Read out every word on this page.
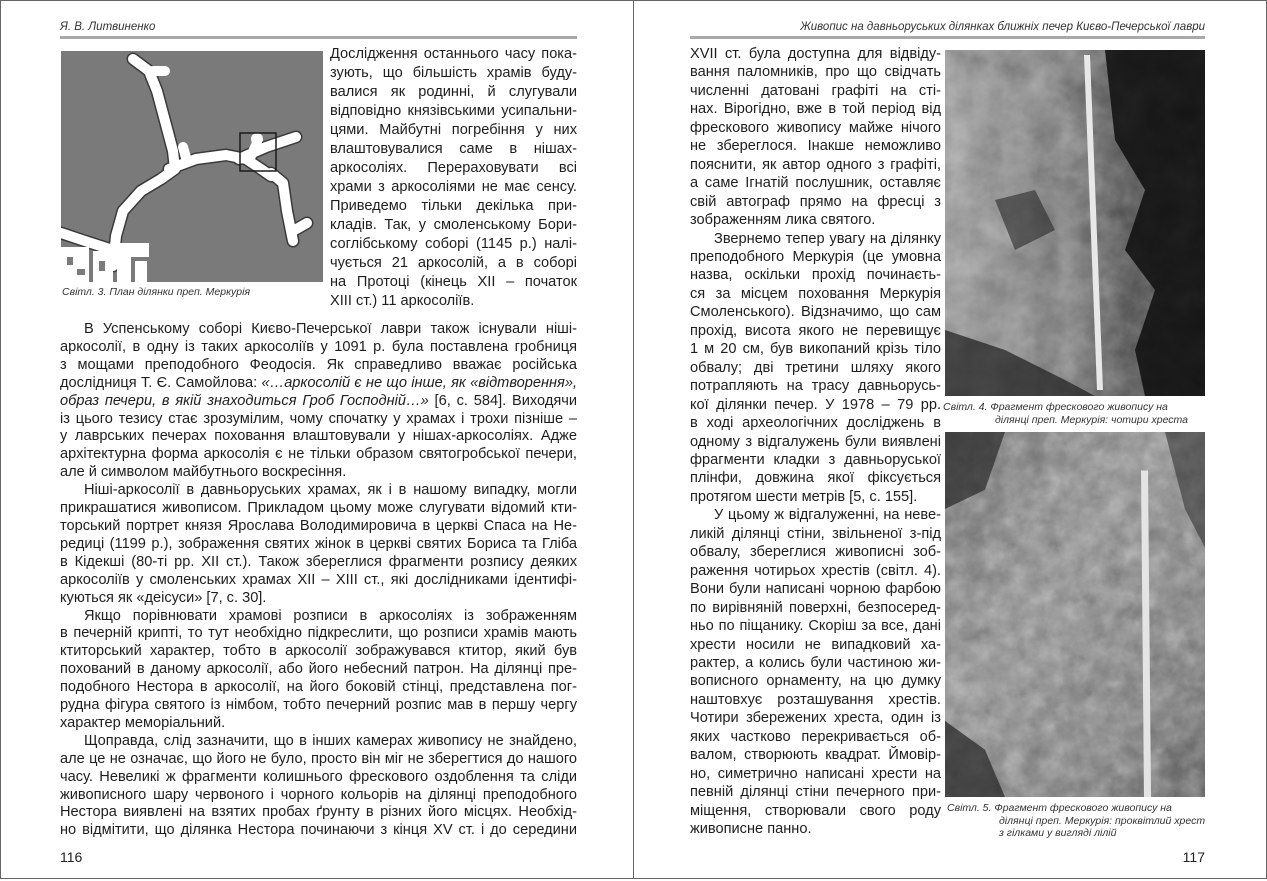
Я. В. Литвиненко	Живопис на давньоруських ділянках ближніх печер Києво-Печерської лаври
Світл. 3. План ділянки преп. Меркурія
Дослідження останнього часу пока-
зують, що більшість храмів буду-
валися як родинні, й слугували
відповідно князівськими усипальни-
цями. Майбутні погребіння у них
влаштовувалися саме в нішах-
аркосоліях. Перераховувати всі
храми з аркосоліями не має сенсу.
Приведемо тільки декілька при-
кладів. Так, у смоленському Бори-
соглібському соборі (1145 р.) налі-
чується 21 аркосолій, а в соборі
на Протоці (кінець XII – початок
XIII ст.) 11 аркосоліїв.
В Успенському соборі Києво-Печерської лаври також існували ніші-
аркосолії, в одну із таких аркосоліїв у 1091 р. була поставлена гробниця
з мощами преподобного Феодосія. Як справедливо вважає російська
дослідниця Т. Є. Самойлова: «…аркосолій є не що інше, як «відтворення»,
образ печери, в якій знаходиться Гроб Господній…» [6, с. 584]. Виходячи
із цього тезису стає зрозумілим, чому спочатку у храмах і трохи пізніше –
у лаврських печерах поховання влаштовували у нішах-аркосоліях. Адже
архітектурна форма аркосолія є не тільки образом святогробської печери,
але й символом майбутнього воскресіння.
Ніші-аркосолії в давньоруських храмах, як і в нашому випадку, могли
прикрашатися живописом. Прикладом цьому може слугувати відомий кти-
торський портрет князя Ярослава Володимировича в церкві Спаса на Не-
редиці (1199 р.), зображення святих жінок в церкві святих Бориса та Гліба
в Кідекші (80-ті рр. XII ст.). Також збереглися фрагменти розпису деяких
аркосоліїв у смоленських храмах XII – XIII ст., які дослідниками ідентифі-
куються як «деісуси» [7, с. 30].
Якщо порівнювати храмові розписи в аркосоліях із зображенням
в печерній крипті, то тут необхідно підкреслити, що розписи храмів мають
ктиторський характер, тобто в аркосолії зображувався ктитор, який був
похований в даному аркосолії, або його небесний патрон. На ділянці пре-
подобного Нестора в аркосолії, на його боковій стінці, представлена пог-
рудна фігура святого із німбом, тобто печерний розпис мав в першу чергу
характер меморіальний.
Щоправда, слід зазначити, що в інших камерах живопису не знайдено,
але це не означає, що його не було, просто він міг не зберегтися до нашого
часу. Невеликі ж фрагменти колишнього фрескового оздоблення та сліди
живописного шару червоного і чорного кольорів на ділянці преподобного
Нестора виявлені на взятих пробах ґрунту в різних його місцях. Необхід-
но відмітити, що ділянка Нестора починаючи з кінця XV ст. і до середини
XVII ст. була доступна для відвіду-
вання паломників, про що свідчать
численні датовані графіті на сті-
нах. Вірогідно, вже в той період від
фрескового живопису майже нічого
не збереглося. Інакше неможливо
пояснити, як автор одного з графіті,
а саме Ігнатій послушник, оставляє
свій автограф прямо на фресці з
зображенням лика святого.
Звернемо тепер увагу на ділянку
преподобного Меркурія (це умовна
назва, оскільки прохід починаєть-
ся за місцем поховання Меркурія
Смоленського). Відзначимо, що сам
прохід, висота якого не перевищує
1 м 20 см, був викопаний крізь тіло
обвалу; дві третини шляху якого
потрапляють на трасу давньорусь-
кої ділянки печер. У 1978 – 79 рр.
в ході археологічних досліджень в
одному з відгалужень були виявлені
фрагменти кладки з давньоруської
плінфи, довжина якої фіксується
протягом шести метрів [5, с. 155].
У цьому ж відгалуженні, на неве-
ликій ділянці стіни, звільненої з-під
обвалу, збереглися живописні зоб-
раження чотирьох хрестів (світл. 4).
Вони були написані чорною фарбою
по вирівняній поверхні, безпосеред-
ньо по піщанику. Скоріш за все, дані
хрести носили не випадковий ха-
рактер, а колись були частиною жи-
вописного орнаменту, на цю думку
наштовхує розташування хрестів.
Чотири збережених хреста, один із
яких частково перекривається об-
валом, створюють квадрат. Ймовір-
но, симетрично написані хрести на
певній ділянці стіни печерного при-
міщення, створювали свого роду
живописне панно.
Світл. 4. Фрагмент фрескового живопису на
ділянці преп. Меркурія: чотири хреста
Світл. 5. Фрагмент фрескового живопису на
ділянці преп. Меркурія: проквітлий хрест
з гілками у вигляді лілій
116	117
